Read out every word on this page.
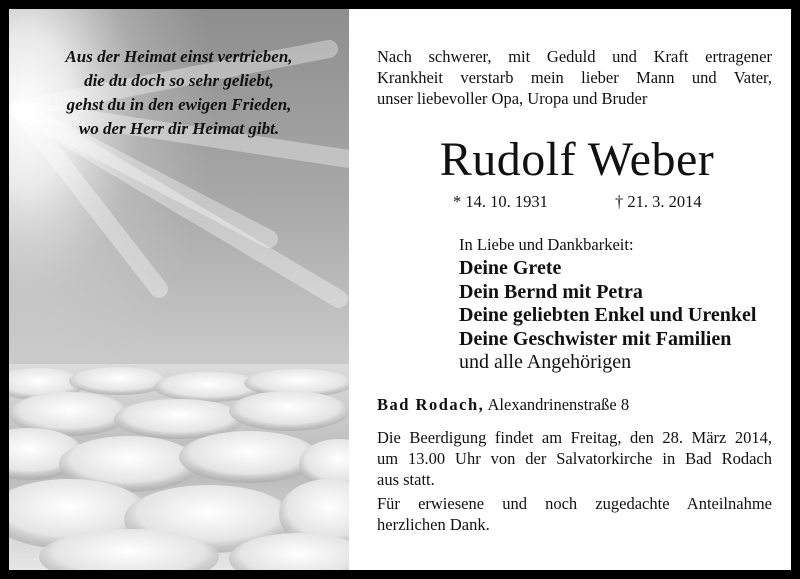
Aus der Heimat einst vertrieben,
die du doch so sehr geliebt,
gehst du in den ewigen Frieden,
wo der Herr dir Heimat gibt.
Nach schwerer, mit Geduld und Kraft ertragener
Krankheit verstarb mein lieber Mann und Vater,
unser liebevoller Opa, Uropa und Bruder
Rudolf Weber
* 14. 10. 1931	† 21. 3. 2014
In Liebe und Dankbarkeit:
Deine Grete
Dein Bernd mit Petra
Deine geliebten Enkel und Urenkel
Deine Geschwister mit Familien
und alle Angehörigen
Bad Rodach, Alexandrinenstraße 8
Die Beerdigung findet am Freitag, den 28. März 2014,
um 13.00 Uhr von der Salvatorkirche in Bad Rodach
aus statt.
Für erwiesene und noch zugedachte Anteilnahme
herzlichen Dank.
